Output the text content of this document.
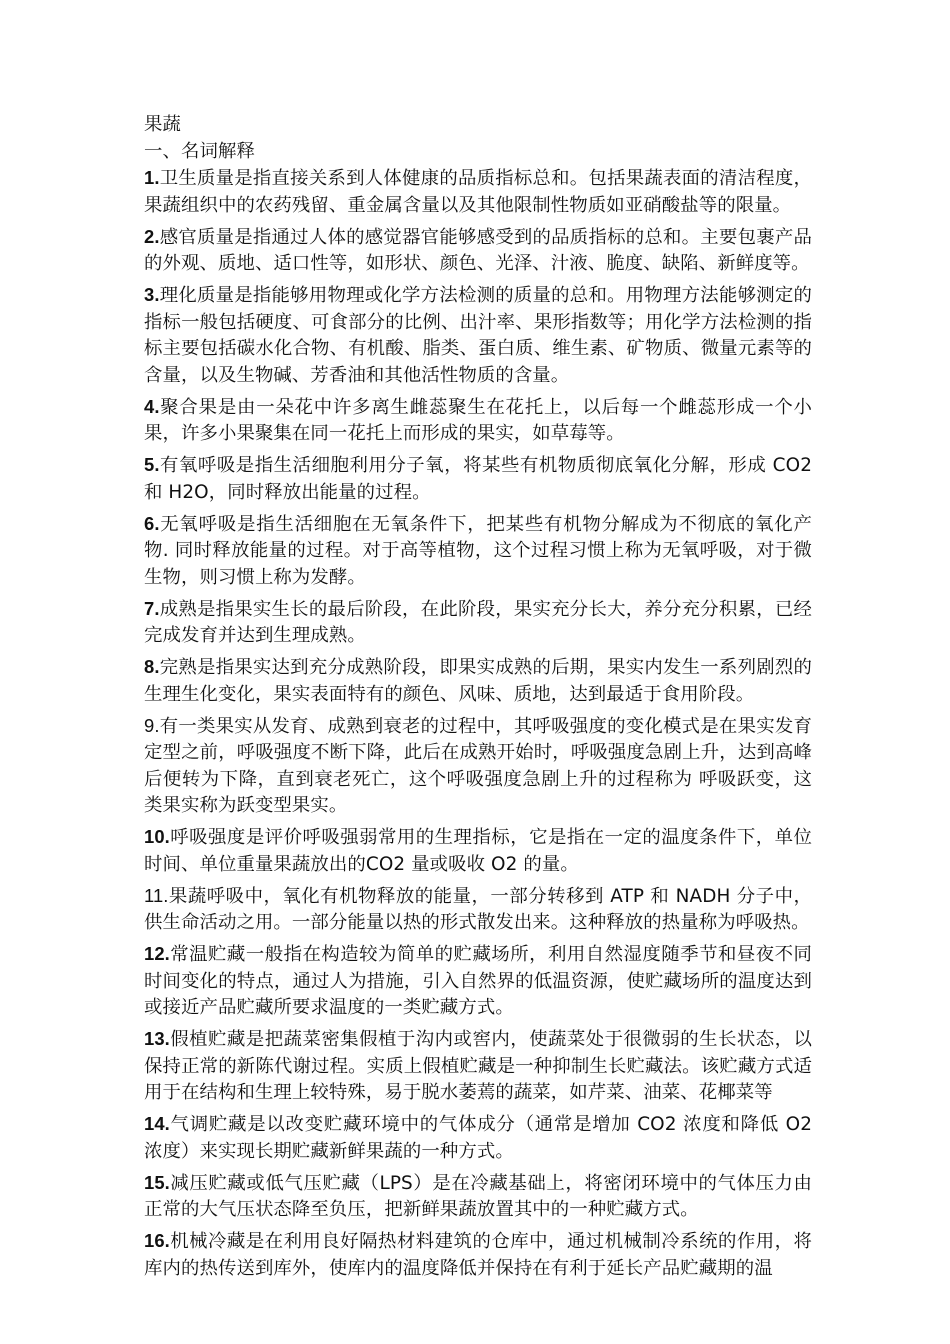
果蔬

一、名词解释

1.卫生质量是指直接关系到人体健康的品质指标总和。包括果蔬表面的清洁程度，果蔬组织中的农药残留、重金属含量以及其他限制性物质如亚硝酸盐等的限量。

2.感官质量是指通过人体的感觉器官能够感受到的品质指标的总和。主要包裹产品的外观、质地、适口性等，如形状、颜色、光泽、汁液、脆度、缺陷、新鲜度等。

3.理化质量是指能够用物理或化学方法检测的质量的总和。用物理方法能够测定的指标一般包括硬度、可食部分的比例、出汁率、果形指数等；用化学方法检测的指标主要包括碳水化合物、有机酸、脂类、蛋白质、维生素、矿物质、微量元素等的含量，以及生物碱、芳香油和其他活性物质的含量。

4.聚合果是由一朵花中许多离生雌蕊聚生在花托上，以后每一个雌蕊形成一个小果，许多小果聚集在同一花托上而形成的果实，如草莓等。

5.有氧呼吸是指生活细胞利用分子氧，将某些有机物质彻底氧化分解，形成 CO2 和 H2O，同时释放出能量的过程。

6.无氧呼吸是指生活细胞在无氧条件下，把某些有机物分解成为不彻底的氧化产物. 同时释放能量的过程。对于高等植物，这个过程习惯上称为无氧呼吸，对于微生物，则习惯上称为发酵。

7.成熟是指果实生长的最后阶段，在此阶段，果实充分长大，养分充分积累，已经完成发育并达到生理成熟。

8.完熟是指果实达到充分成熟阶段，即果实成熟的后期，果实内发生一系列剧烈的生理生化变化，果实表面特有的颜色、风味、质地，达到最适于食用阶段。

9.有一类果实从发育、成熟到衰老的过程中，其呼吸强度的变化模式是在果实发育定型之前，呼吸强度不断下降，此后在成熟开始时，呼吸强度急剧上升，达到高峰后便转为下降，直到衰老死亡，这个呼吸强度急剧上升的过程称为 呼吸跃变，这类果实称为跃变型果实。

10.呼吸强度是评价呼吸强弱常用的生理指标，它是指在一定的温度条件下，单位时间、单位重量果蔬放出的CO2 量或吸收 O2 的量。

11.果蔬呼吸中，氧化有机物释放的能量，一部分转移到 ATP 和 NADH 分子中，供生命活动之用。一部分能量以热的形式散发出来。这种释放的热量称为呼吸热。

12.常温贮藏一般指在构造较为简单的贮藏场所，利用自然湿度随季节和昼夜不同时间变化的特点，通过人为措施，引入自然界的低温资源，使贮藏场所的温度达到或接近产品贮藏所要求温度的一类贮藏方式。

13.假植贮藏是把蔬菜密集假植于沟内或窖内，使蔬菜处于很微弱的生长状态，以保持正常的新陈代谢过程。实质上假植贮藏是一种抑制生长贮藏法。该贮藏方式适用于在结构和生理上较特殊，易于脱水萎蔫的蔬菜，如芹菜、油菜、花椰菜等

14.气调贮藏是以改变贮藏环境中的气体成分（通常是增加 CO2 浓度和降低 O2 浓度）来实现长期贮藏新鲜果蔬的一种方式。

15.减压贮藏或低气压贮藏（LPS）是在冷藏基础上，将密闭环境中的气体压力由正常的大气压状态降至负压，把新鲜果蔬放置其中的一种贮藏方式。

16.机械冷藏是在利用良好隔热材料建筑的仓库中，通过机械制冷系统的作用，将库内的热传送到库外，使库内的温度降低并保持在有利于延长产品贮藏期的温
